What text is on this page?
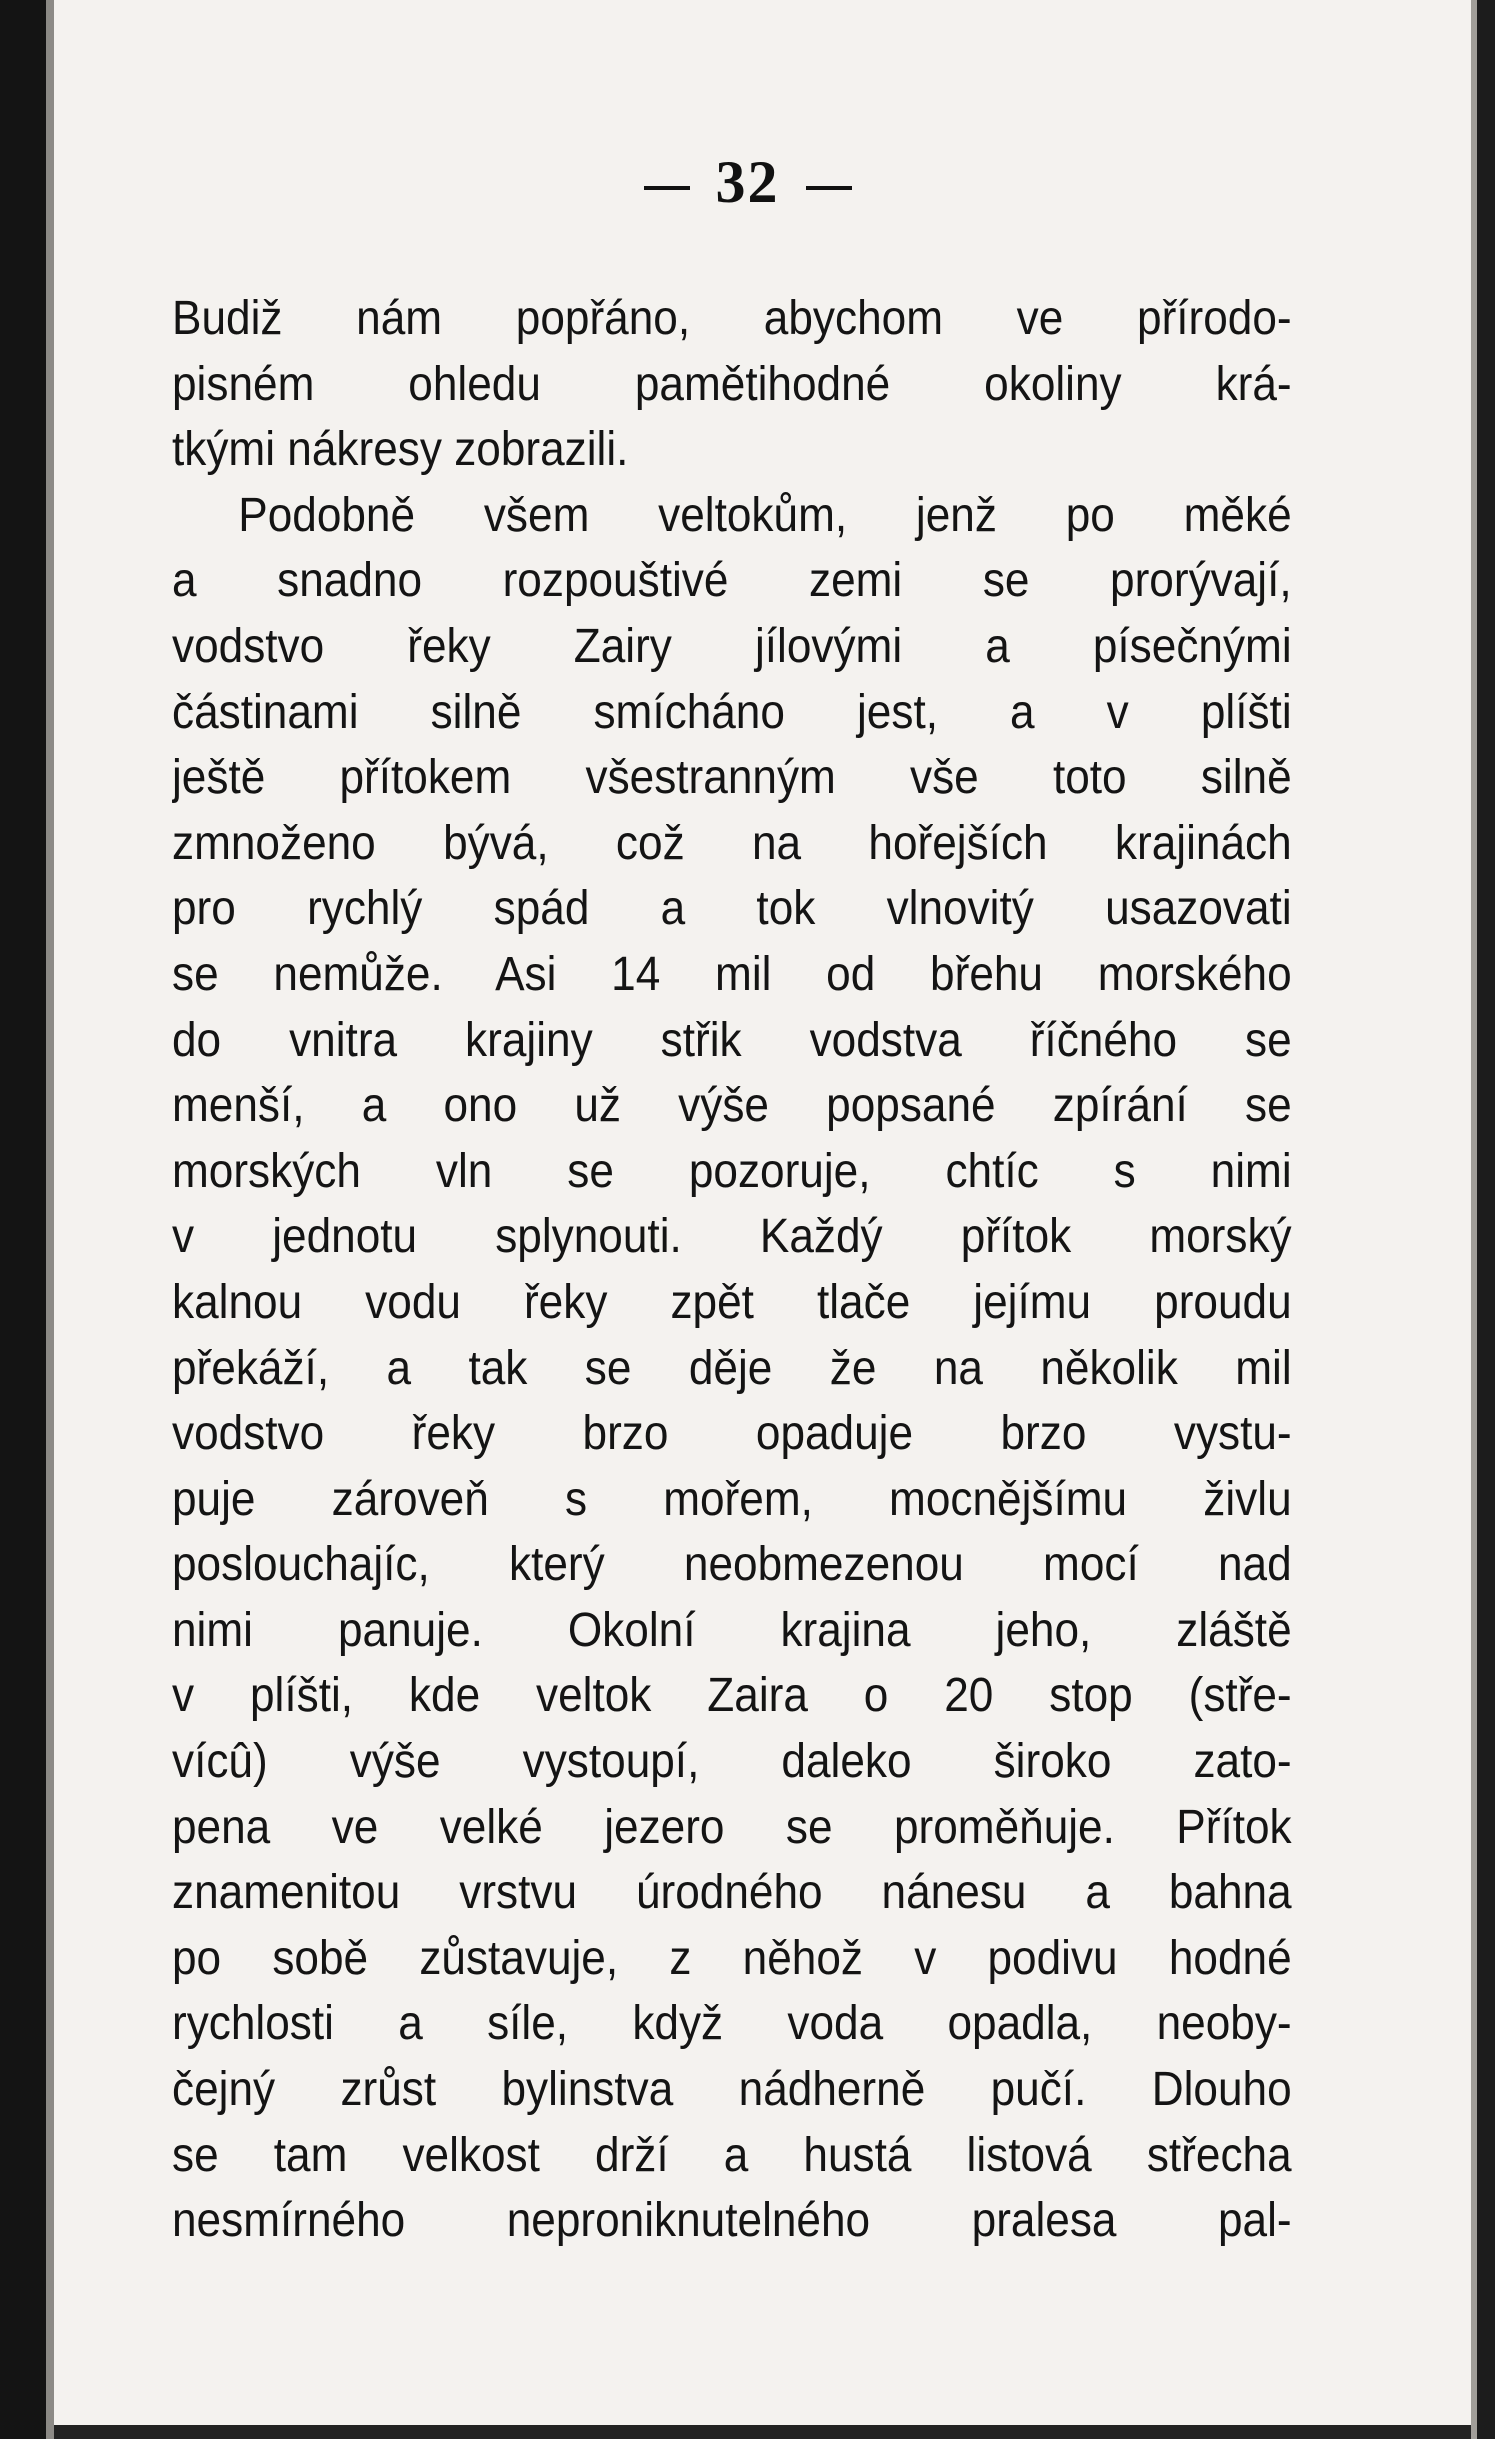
32
Budiž nám popřáno, abychom ve přírodo-
pisném ohledu pamětihodné okoliny krá-
tkými nákresy zobrazili.
Podobně všem veltokům, jenž po měké
a snadno rozpouštivé zemi se prorývají,
vodstvo řeky Zairy jílovými a písečnými
částinami silně smícháno jest, a v plíšti
ještě přítokem všestranným vše toto silně
zmnoženo bývá, což na hořejších krajinách
pro rychlý spád a tok vlnovitý usazovati
se nemůže. Asi 14 mil od břehu morského
do vnitra krajiny střik vodstva říčného se
menší, a ono už výše popsané zpírání se
morských vln se pozoruje, chtíc s nimi
v jednotu splynouti. Každý přítok morský
kalnou vodu řeky zpět tlače jejímu proudu
překáží, a tak se děje že na několik mil
vodstvo řeky brzo opaduje brzo vystu-
puje zároveň s mořem, mocnějšímu živlu
poslouchajíc, který neobmezenou mocí nad
nimi panuje. Okolní krajina jeho, zláště
v plíšti, kde veltok Zaira o 20 stop (stře-
vícû) výše vystoupí, daleko široko zato-
pena ve velké jezero se proměňuje. Přítok
znamenitou vrstvu úrodného nánesu a bahna
po sobě zůstavuje, z něhož v podivu hodné
rychlosti a síle, když voda opadla, neoby-
čejný zrůst bylinstva nádherně pučí. Dlouho
se tam velkost drží a hustá listová střecha
nesmírného neproniknutelného pralesa pal-
